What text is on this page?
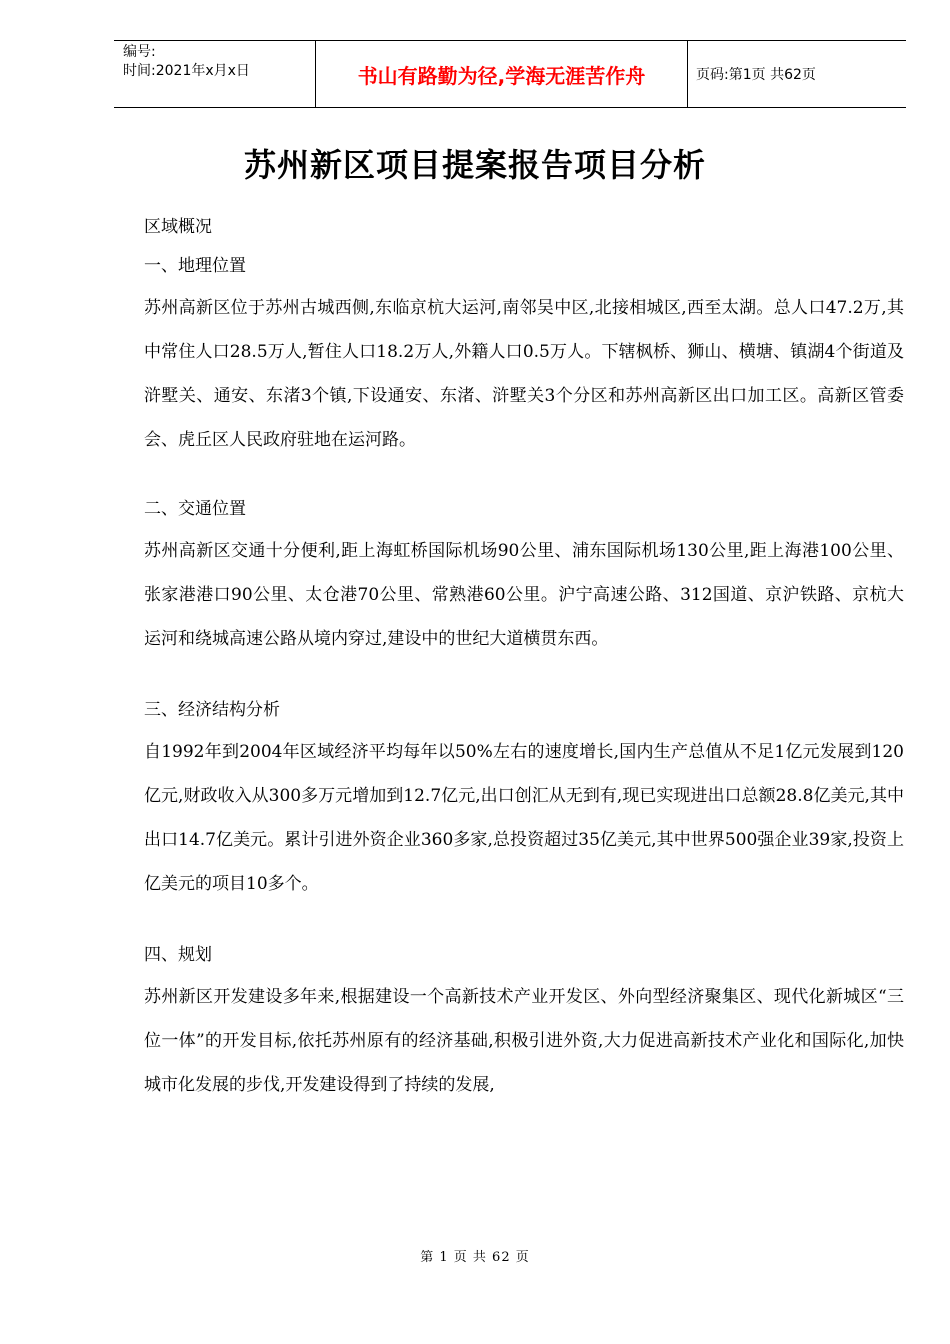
编号:
时间:2021年x月x日	书山有路勤为径,学海无涯苦作舟	页码:第1页 共62页
苏州新区项目提案报告项目分析
区域概况
一、地理位置

苏州高新区位于苏州古城西侧,东临京杭大运河,南邻吴中区,北接相城区,西至太湖。总人口47.2万,其中常住人口28.5万人,暂住人口18.2万人,外籍人口0.5万人。下辖枫桥、狮山、横塘、镇湖4个街道及浒墅关、通安、东渚3个镇,下设通安、东渚、浒墅关3个分区和苏州高新区出口加工区。高新区管委会、虎丘区人民政府驻地在运河路。

二、交通位置

苏州高新区交通十分便利,距上海虹桥国际机场90公里、浦东国际机场130公里,距上海港100公里、张家港港口90公里、太仓港70公里、常熟港60公里。沪宁高速公路、312国道、京沪铁路、京杭大运河和绕城高速公路从境内穿过,建设中的世纪大道横贯东西。

三、经济结构分析

自1992年到2004年区域经济平均每年以50%左右的速度增长,国内生产总值从不足1亿元发展到120亿元,财政收入从300多万元增加到12.7亿元,出口创汇从无到有,现已实现进出口总额28.8亿美元,其中出口14.7亿美元。累计引进外资企业360多家,总投资超过35亿美元,其中世界500强企业39家,投资上亿美元的项目10多个。

四、规划

苏州新区开发建设多年来,根据建设一个高新技术产业开发区、外向型经济聚集区、现代化新城区“三位一体”的开发目标,依托苏州原有的经济基础,积极引进外资,大力促进高新技术产业化和国际化,加快城市化发展的步伐,开发建设得到了持续的发展,

第 1 页 共 62 页
